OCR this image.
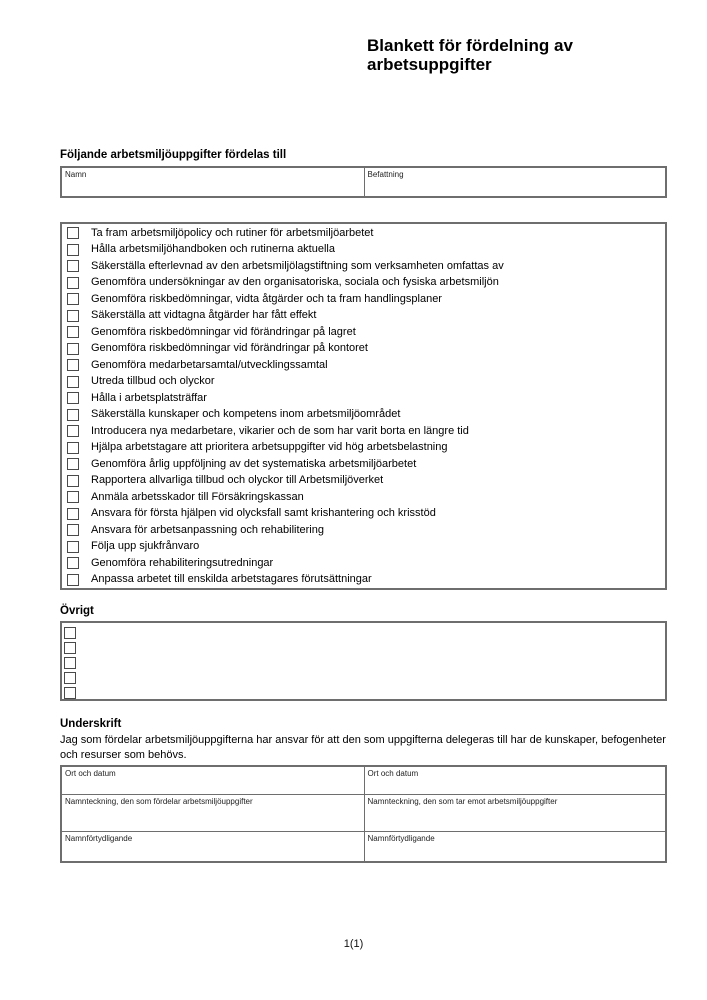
Blankett för fördelning av arbetsuppgifter
Följande arbetsmiljöuppgifter fördelas till
Namn	Befattning
Ta fram arbetsmiljöpolicy och rutiner för arbetsmiljöarbetet
Hålla arbetsmiljöhandboken och rutinerna aktuella
Säkerställa efterlevnad av den arbetsmiljölagstiftning som verksamheten omfattas av
Genomföra undersökningar av den organisatoriska, sociala och fysiska arbetsmiljön
Genomföra riskbedömningar, vidta åtgärder och ta fram handlingsplaner
Säkerställa att vidtagna åtgärder har fått effekt
Genomföra riskbedömningar vid förändringar på lagret
Genomföra riskbedömningar vid förändringar på kontoret
Genomföra medarbetarsamtal/utvecklingssamtal
Utreda tillbud och olyckor
Hålla i arbetsplatsträffar
Säkerställa kunskaper och kompetens inom arbetsmiljöområdet
Introducera nya medarbetare, vikarier och de som har varit borta en längre tid
Hjälpa arbetstagare att prioritera arbetsuppgifter vid hög arbetsbelastning
Genomföra årlig uppföljning av det systematiska arbetsmiljöarbetet
Rapportera allvarliga tillbud och olyckor till Arbetsmiljöverket
Anmäla arbetsskador till Försäkringskassan
Ansvara för första hjälpen vid olycksfall samt krishantering och krisstöd
Ansvara för arbetsanpassning och rehabilitering
Följa upp sjukfrånvaro
Genomföra rehabiliteringsutredningar
Anpassa arbetet till enskilda arbetstagares förutsättningar
Övrigt
Underskrift

Jag som fördelar arbetsmiljöuppgifterna har ansvar för att den som uppgifterna delegeras till har de kunskaper, befogenheter och resurser som behövs.

Ort och datum	Ort och datum
Namnteckning, den som fördelar arbetsmiljöuppgifter	Namnteckning, den som tar emot arbetsmiljöuppgifter
Namnförtydligande	Namnförtydligande
1(1)
